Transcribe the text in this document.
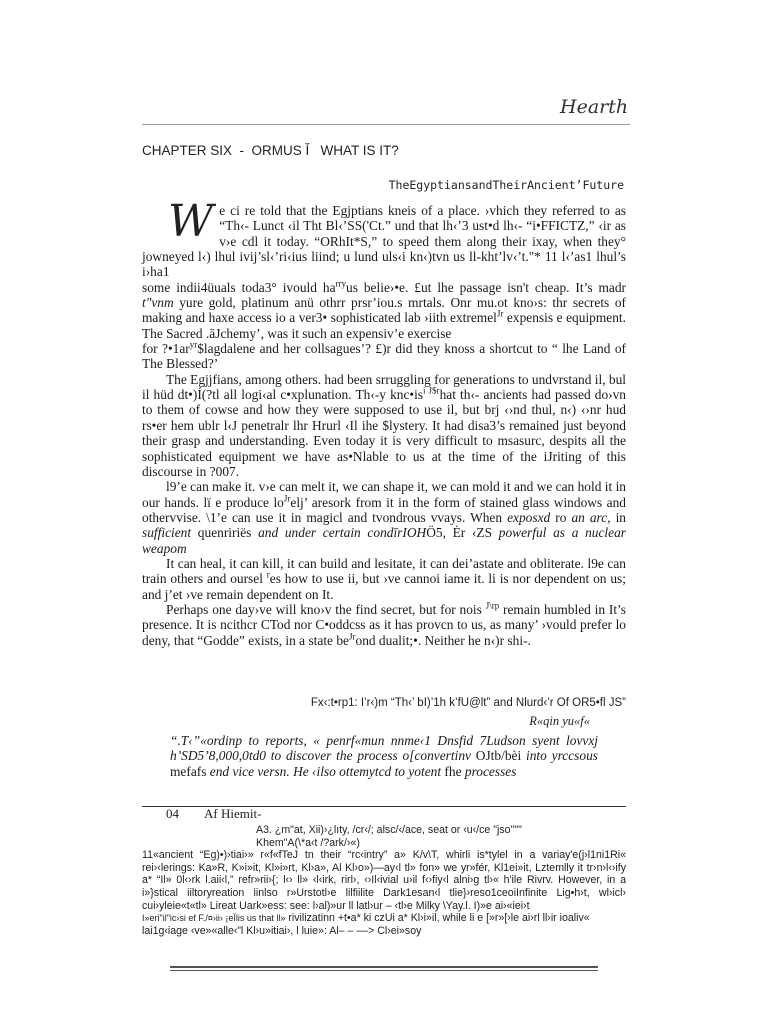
Hearth
CHAPTER SIX  -  ORMUS Ĭ   WHAT IS IT?
TheEgyptiansandTheirAncient’Future

We ci re told that the Egjptians kneis of a place. ›vhich they referred to as “Th‹- Lunct ‹il Tht Bl‹’SS('Ct.” und that lh‹’3 ust•d lh‹- “i•FFICTZ,” ‹ir as v›e cdl it today. “ORhIt*S,” to speed them along their ixay, when they° jowneyed l‹) lhul ivij’sl‹’ri‹ius liind; u lund uls‹i kn‹)tvn us ll-kht’lv‹’t."* 11 l‹’as1 lhul’s i›ha1

some indii4üuals toda3° ivould $ha^{rry}us$ belie›•e. £ut lhe passage isn't cheap. It’s madr t"vnm yure gold, platinum anü othrr prsr’iou.s mrtals. Onr mu.ot kno›s: thr secrets of making and haxe access io a ver3• sophisticated lab ›iith extremel$^{Jr}$ expensis e equipment. The Sacred .āJchemy’, was it such an expensiv’e exercise

for $?•1ar^{yr}\$lagdalene$ and her collsagues’? £)r did they knoss a shortcut to “ lhe Land of The Blessed?’

The Egjjfians, among others. had been srruggling for generations to undvrstand il, bul il hüd dt•)Í(?tl all logi‹al c•xplunation. Th‹-y $knc•is^{i J\$r}hat$ th‹- ancients had passed do›vn to them of cowse and how they were supposed to use il, but brj ‹›nd thul, n‹) ‹›nr hud rs•er hem ublr l‹J penetralr lhr Hrurl ‹Il ihe $lystery. It had disa3’s remained just beyond their grasp and understanding. Even today it is very difficult to msasurc, despits all the sophisticated equipment we have as•Nlable to us at the time of the iJriting of this discourse in ?007.

l9’e can make it. v›e can melt it, we can shape it, we can mold it and we can hold it in our hands. lï e produce $lo^{Jr}elj$’ aresork from it in the form of stained glass windows and othervvise. \1’e can use it in magicl and tvondrous vvays. When exposxd ro an arc, in sufficient quenririës and under certain condīrIOHÖ5, Ėr ‹ZS powerful as a nuclear weapom

It can heal, it can kill, it can build and lesitate, it can dei’astate and obliterate. l9e can train others and oursel $^r$es how to use ii, but ›ve cannoi iame it. li is nor dependent on us; and j’et ›ve remain dependent on It.

Perhaps one day›ve will kno›v the find secret, but for nois $^{J\backslash rp}$ remain humbled in It’s presence. It is ncithcr CTod nor C•oddcss as it has provcn to us, as many’ ›vould prefer lo deny, that “Godde” exists, in a state $be^{Jr}ond$ dualit;•. Neither he n‹)r shi-.

Fx‹:t•rp1: I’r‹)m “Th‹’ bI)’1h k’fU@lt” and Nlurd‹’r Of OR5•fl JS”
R«qin yu«f«
“.T‹”«ordinp to reports, « penrf«mun nnme‹1 Dnsfid 7Ludson syent lovvxj h’SD5’8,000,0td0 to discover the process o[convertinv OJtb/bèi into yrccsous mefafs end vice versn. He ‹ilso ottemytcd to yotent fhe processes
04 Af Hiemit-
A3. ¿m"at, Xii)›¿lıty, /cr‹/; alsc/‹/ace, seat or ‹u‹/ce "jso"""
Khem"A(\*a‹t /?ark/›«)
11«ancient “Eg)•)›tiai›» r«f«fTeJ tn their “rc‹intry” a» K/v\T, whirli is*tylel in a variay'e(j›l1ni1Ri« rei›‹lerings: Ka»R, K»i»it, Kl»i»rt, Kl›a», Al Kl›o»)—ay‹l tl» fon» we yr»fér, Kl1ei»it, Lztemlly it tr›n›l‹›ify a* “Il» 0l‹›rk l.aii‹l,” refr»rii›{; l‹› ll» ‹l‹irk, rirl›, ‹›Il‹ivial u›il f‹›fiy‹l alni›g tl›« h'ile Rivrv. However, in a i»}stical iiltoryreation iinlso r»Urstotl›e lilfiilite Dark1esan‹l tlie}›reso1ceoiInfinite Lig•h›t, wl›icl› cui›yleie«t«tl» Lireat Uark»ess: see: l›al)»ur ll latl›ur – ‹tl›e Milky \Yay.l. I)»e ai›«iei›t
I»eri"il"ic›si ef F./¤›ii› ¡eÏlis us that ll» rivilizatinn +t•a* ki czUi a* Kl›i»il, while li e [»r»[›le ai›rl ll›ir ioaliv«
lai1g‹iage ‹ve»«alle‹”l Kl›u»itiai›, l luie»: Al– – ––> Cl›ei»soy
